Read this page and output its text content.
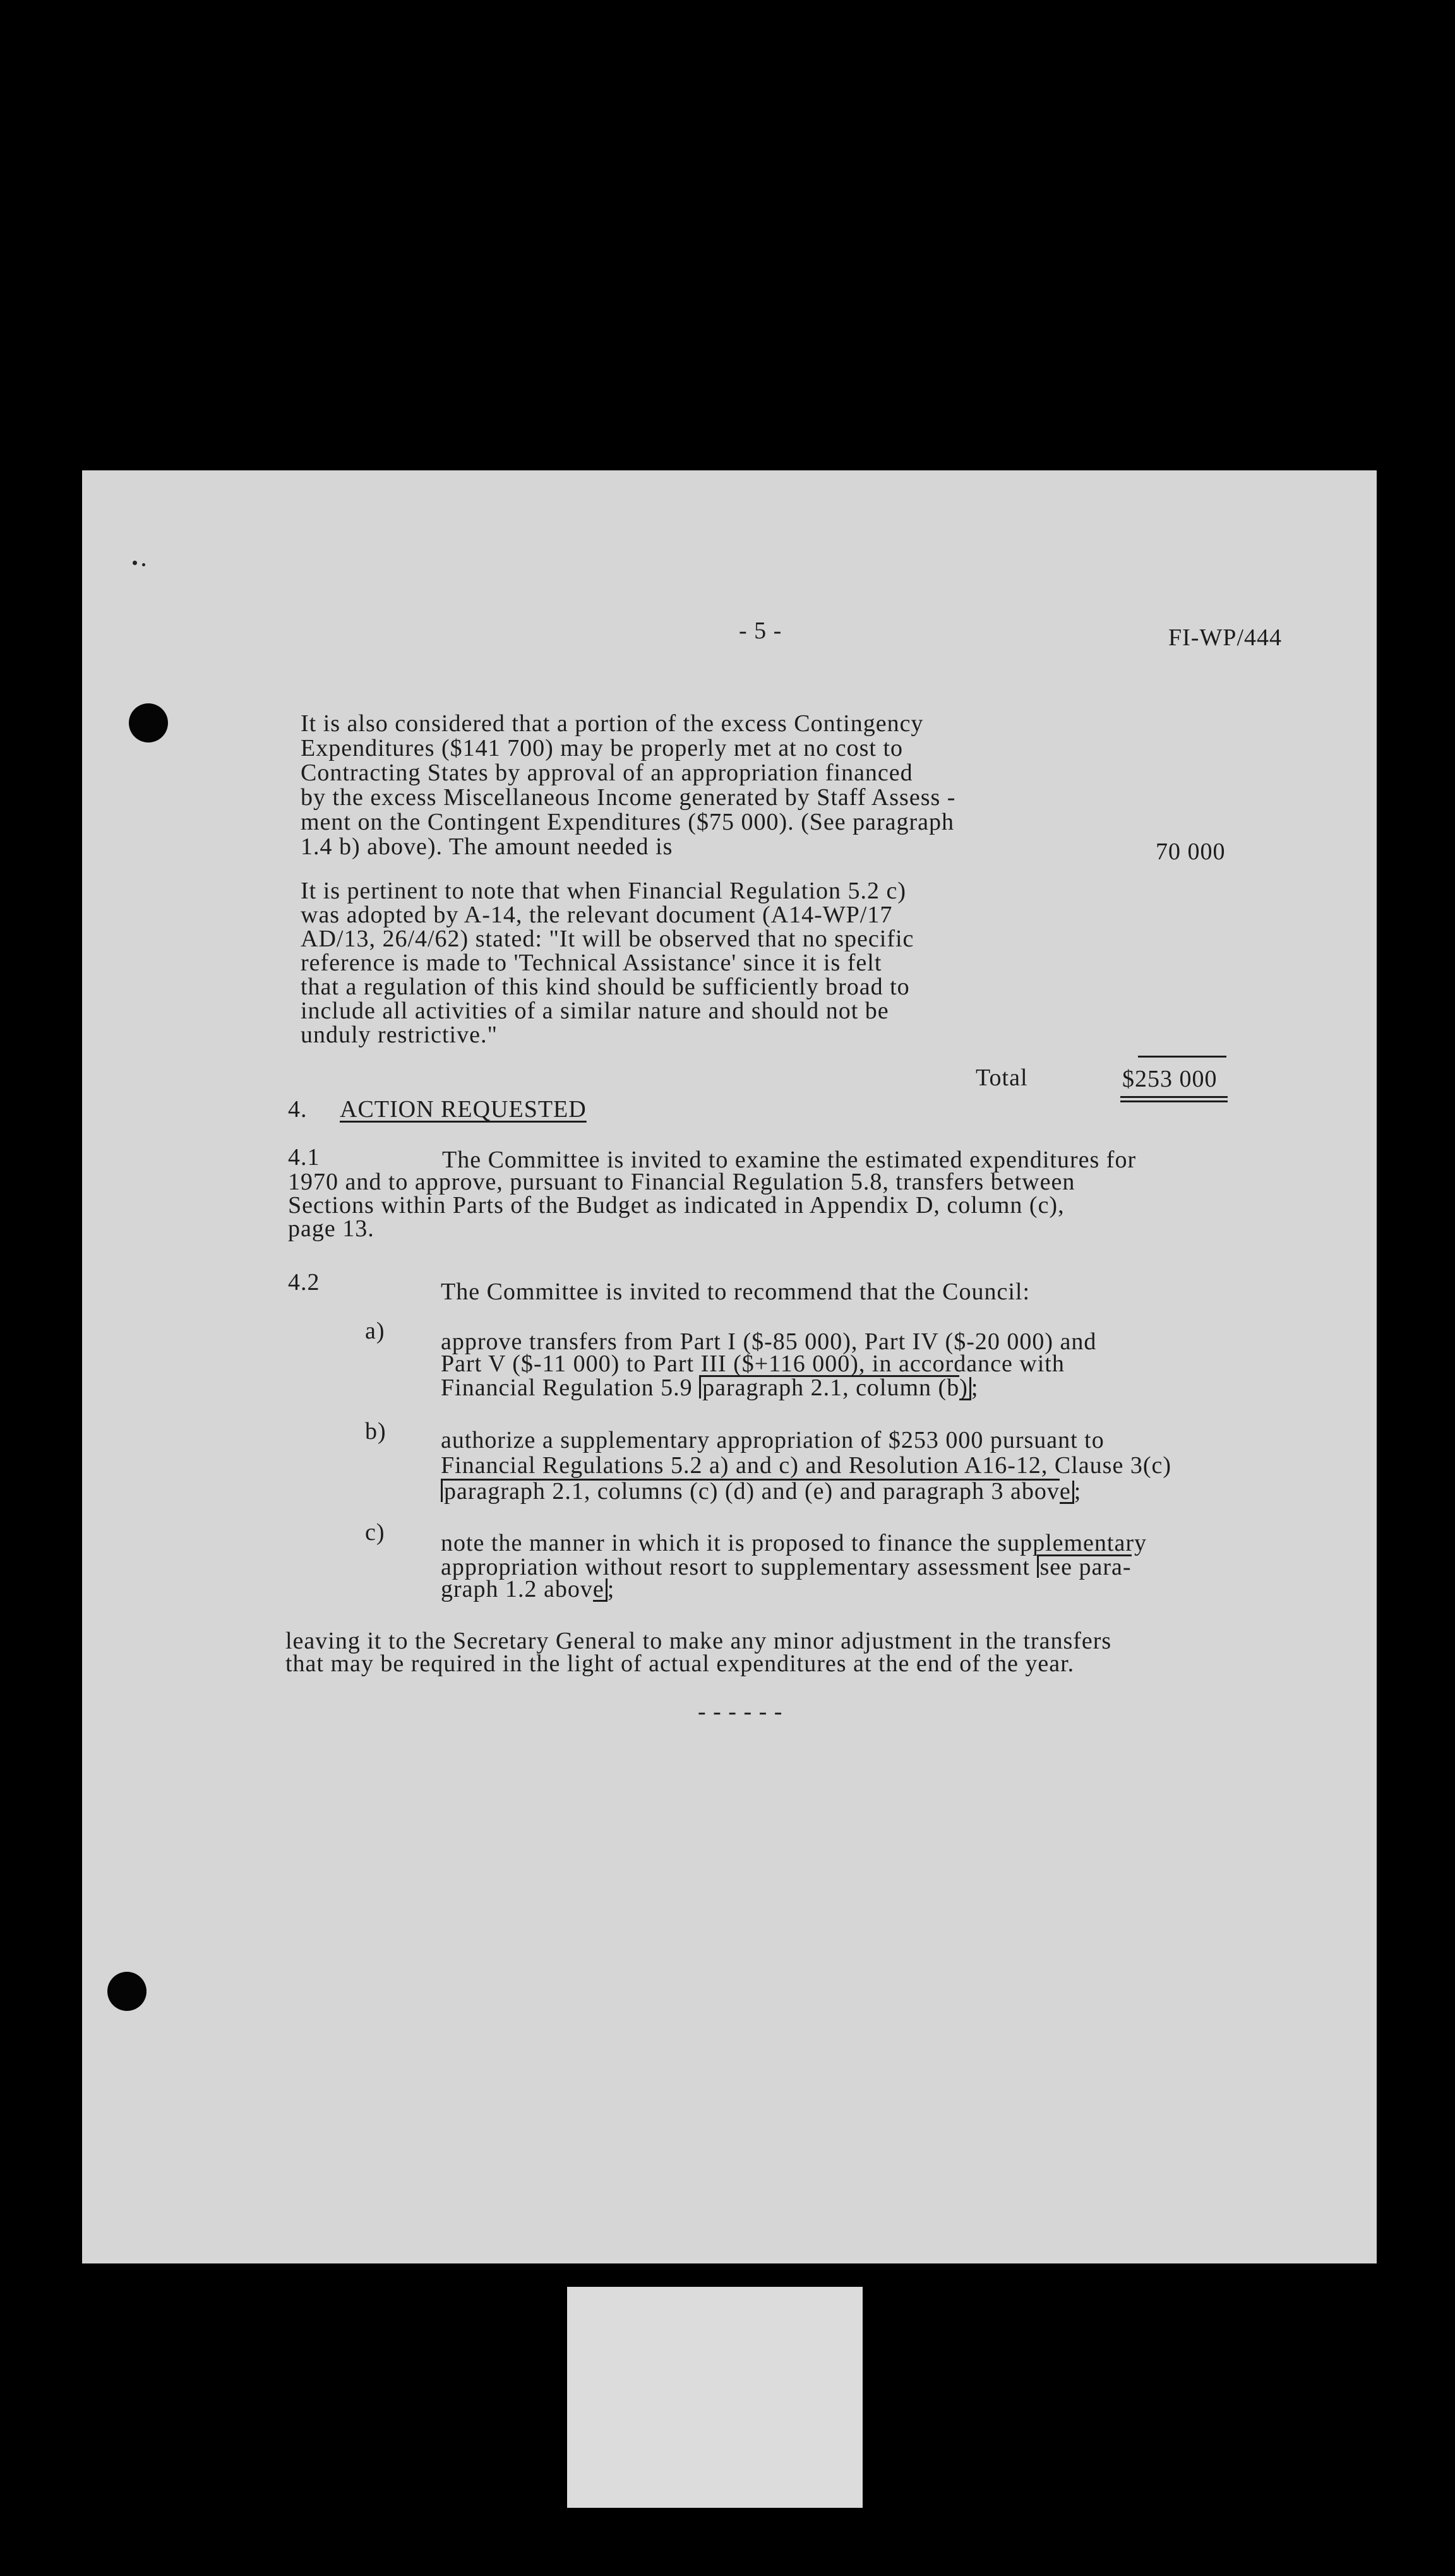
- 5 -	FI-WP/444
It is also considered that a portion of the excess Contingency
Expenditures ($141 700) may be properly met at no cost to
Contracting States by approval of an appropriation financed
by the excess Miscellaneous Income generated by Staff Assess -
ment on the Contingent Expenditures ($75 000). (See paragraph
1.4 b) above). The amount needed is	70 000
It is pertinent to note that when Financial Regulation 5.2 c)
was adopted by A-14, the relevant document (A14-WP/17
AD/13, 26/4/62) stated: "It will be observed that no specific
reference is made to 'Technical Assistance' since it is felt
that a regulation of this kind should be sufficiently broad to
include all activities of a similar nature and should not be
unduly restrictive."
Total	$253 000
4. ACTION REQUESTED
4.1	The Committee is invited to examine the estimated expenditures for
1970 and to approve, pursuant to Financial Regulation 5.8, transfers between
Sections within Parts of the Budget as indicated in Appendix D, column (c),
page 13.
4.2	The Committee is invited to recommend that the Council:
a) approve transfers from Part I ($-85 000), Part IV ($-20 000) and
Part V ($-11 000) to Part III ($+116 000), in accordance with
Financial Regulation 5.9 paragraph 2.1, column (b) ;
b) authorize a supplementary appropriation of $253 000 pursuant to
Financial Regulations 5.2 a) and c) and Resolution A16-12, Clause 3(c)
paragraph 2.1, columns (c) (d) and (e) and paragraph 3 above ;
c) note the manner in which it is proposed to finance the supplementary
appropriation without resort to supplementary assessment see para-
graph 1.2 above ;
leaving it to the Secretary General to make any minor adjustment in the transfers
that may be required in the light of actual expenditures at the end of the year.
- - - - - -
